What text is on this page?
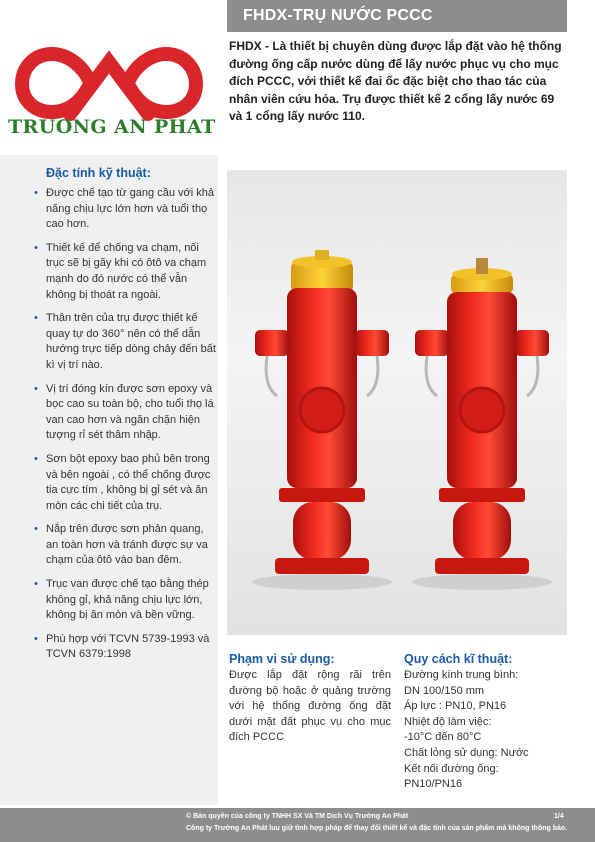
FHDX-TRỤ NƯỚC PCCC
TRUONG AN PHAT
FHDX - Là thiết bị chuyên dùng được lắp đặt vào hệ thống đường ống cấp nước dùng để lấy nước phục vụ cho mục đích PCCC, với thiết kế đai ốc đặc biệt cho thao tác của nhân viên cứu hỏa. Trụ được thiết kế 2 cổng lấy nước 69 và 1 cổng lấy nước 110.
Đặc tính kỹ thuật:
• Được chế tạo từ gang cầu với khả năng chịu lực lớn hơn và tuổi thọ cao hơn.
• Thiết kế để chống va chạm, nối trục sẽ bị gãy khi có ôtô va chạm mạnh do đó nước có thể vẫn không bị thoát ra ngoài.
• Thân trên của trụ được thiết kế quay tự do 360° nên có thể dẫn hướng trực tiếp dòng chảy đến bất kì vị trí nào.
• Vị trí đóng kín được sơn epoxy và bọc cao su toàn bộ, cho tuổi thọ lá van cao hơn và ngăn chặn hiện tượng rỉ sét thâm nhập.
• Sơn bột epoxy bao phủ bên trong và bên ngoài , có thể chống được tia cực tím , không bị gỉ sét và ăn mòn các chi tiết của trụ.
• Nắp trên được sơn phản quang, an toàn hơn và tránh được sự va chạm của ôtô vào ban đêm.
• Trục van được chế tạo bằng thép không gỉ, khả năng chịu lực lớn, không bị ăn mòn và bền vững.
• Phù hợp với TCVN 5739-1993 và TCVN 6379:1998	Phạm vi sử dụng:
Được lắp đặt rộng rãi trên đường bộ hoặc ở quảng trường với hệ thống đường ống đặt dưới mặt đất phục vụ cho mục đích PCCC
Quy cách kĩ thuật:
Đường kính trung bình:
DN 100/150 mm
Áp lực : PN10, PN16
Nhiệt độ làm việc:
-10°C đến 80°C
Chất lỏng sử dụng: Nước
Kết nối đường ống:
PN10/PN16
© Bản quyền của công ty TNHH SX Và TM Dịch Vụ Trường An Phát
Công ty Trường An Phát luu giữ tình hợp pháp để thay đổi thiết kế và đặc tính của sản phẩm mà không thông báo.
1/4
